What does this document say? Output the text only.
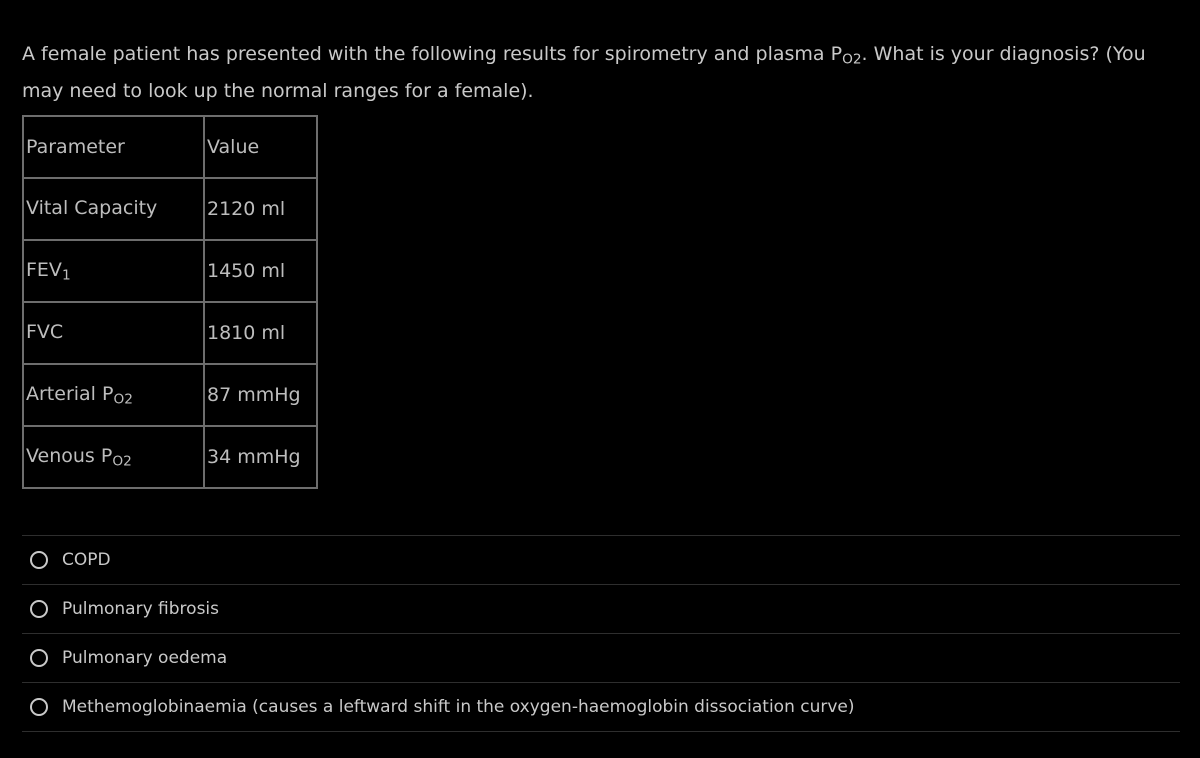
A female patient has presented with the following results for spirometry and plasma PO2. What is your diagnosis? (You may need to look up the normal ranges for a female).
Parameter	Value
Vital Capacity	2120 ml
FEV1	1450 ml
FVC	1810 ml
Arterial PO2	87 mmHg
Venous PO2	34 mmHg
COPD
Pulmonary fibrosis
Pulmonary oedema
Methemoglobinaemia (causes a leftward shift in the oxygen-haemoglobin dissociation curve)
